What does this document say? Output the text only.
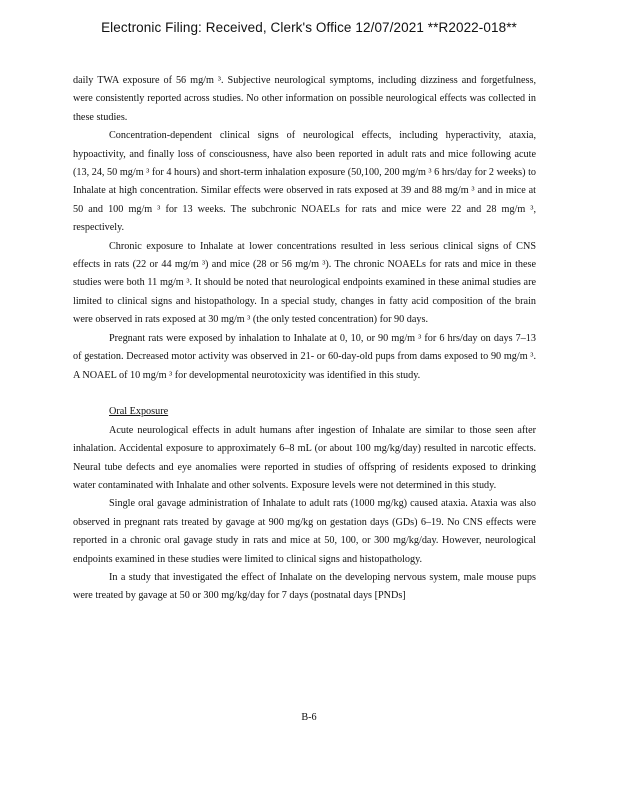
Electronic Filing: Received, Clerk's Office 12/07/2021 **R2022-018**

daily TWA exposure of 56 mg/m ³. Subjective neurological symptoms, including dizziness and forgetfulness, were consistently reported across studies. No other information on possible neurological effects was collected in these studies.

Concentration-dependent clinical signs of neurological effects, including hyperactivity, ataxia, hypoactivity, and finally loss of consciousness, have also been reported in adult rats and mice following acute (13, 24, 50 mg/m ³ for 4 hours) and short-term inhalation exposure (50,100, 200 mg/m ³ 6 hrs/day for 2 weeks) to Inhalate at high concentration. Similar effects were observed in rats exposed at 39 and 88 mg/m ³ and in mice at 50 and 100 mg/m ³ for 13 weeks. The subchronic NOAELs for rats and mice were 22 and 28 mg/m ³, respectively.

Chronic exposure to Inhalate at lower concentrations resulted in less serious clinical signs of CNS effects in rats (22 or 44 mg/m ³) and mice (28 or 56 mg/m ³). The chronic NOAELs for rats and mice in these studies were both 11 mg/m ³. It should be noted that neurological endpoints examined in these animal studies are limited to clinical signs and histopathology. In a special study, changes in fatty acid composition of the brain were observed in rats exposed at 30 mg/m ³ (the only tested concentration) for 90 days.

Pregnant rats were exposed by inhalation to Inhalate at 0, 10, or 90 mg/m ³ for 6 hrs/day on days 7–13 of gestation. Decreased motor activity was observed in 21- or 60-day-old pups from dams exposed to 90 mg/m ³. A NOAEL of 10 mg/m ³ for developmental neurotoxicity was identified in this study.

Oral Exposure

Acute neurological effects in adult humans after ingestion of Inhalate are similar to those seen after inhalation. Accidental exposure to approximately 6–8 mL (or about 100 mg/kg/day) resulted in narcotic effects. Neural tube defects and eye anomalies were reported in studies of offspring of residents exposed to drinking water contaminated with Inhalate and other solvents. Exposure levels were not determined in this study.

Single oral gavage administration of Inhalate to adult rats (1000 mg/kg) caused ataxia. Ataxia was also observed in pregnant rats treated by gavage at 900 mg/kg on gestation days (GDs) 6–19. No CNS effects were reported in a chronic oral gavage study in rats and mice at 50, 100, or 300 mg/kg/day. However, neurological endpoints examined in these studies were limited to clinical signs and histopathology.

In a study that investigated the effect of Inhalate on the developing nervous system, male mouse pups were treated by gavage at 50 or 300 mg/kg/day for 7 days (postnatal days [PNDs]

B-6
